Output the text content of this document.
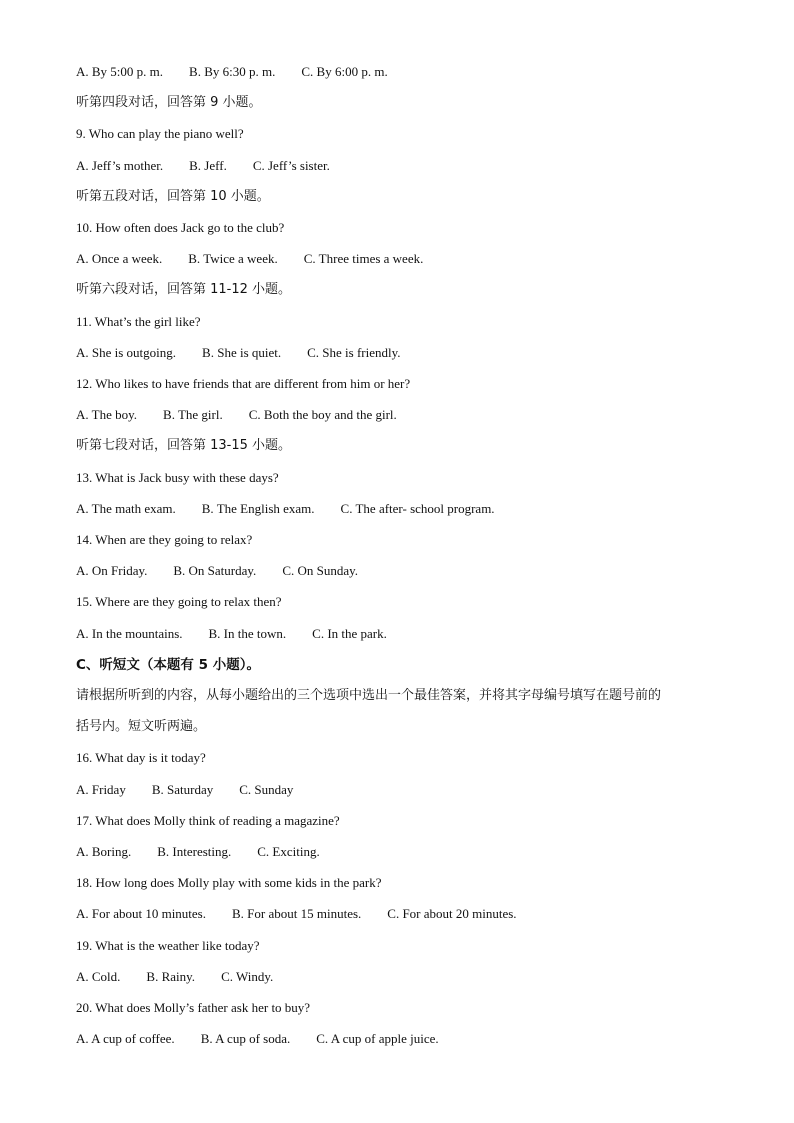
A. By 5:00 p. m. B. By 6:30 p. m. C. By 6:00 p. m.
听第四段对话，回答第 9 小题。
9. Who can play the piano well?
A. Jeff’s mother. B. Jeff. C. Jeff’s sister.
听第五段对话，回答第 10 小题。
10. How often does Jack go to the club?
A. Once a week. B. Twice a week. C. Three times a week.
听第六段对话，回答第 11-12 小题。
11. What’s the girl like?
A. She is outgoing. B. She is quiet. C. She is friendly.
12. Who likes to have friends that are different from him or her?
A. The boy. B. The girl. C. Both the boy and the girl.
听第七段对话，回答第 13-15 小题。
13. What is Jack busy with these days?
A. The math exam. B. The English exam. C. The after- school program.
14. When are they going to relax?
A. On Friday. B. On Saturday. C. On Sunday.
15. Where are they going to relax then?
A. In the mountains. B. In the town. C. In the park.
C、听短文（本题有 5 小题）。
请根据所听到的内容，从每小题给出的三个选项中选出一个最佳答案，并将其字母编号填写在题号前的
括号内。短文听两遍。
16. What day is it today?
A. Friday B. Saturday C. Sunday
17. What does Molly think of reading a magazine?
A. Boring. B. Interesting. C. Exciting.
18. How long does Molly play with some kids in the park?
A. For about 10 minutes. B. For about 15 minutes. C. For about 20 minutes.
19. What is the weather like today?
A. Cold. B. Rainy. C. Windy.
20. What does Molly’s father ask her to buy?
A. A cup of coffee. B. A cup of soda. C. A cup of apple juice.
